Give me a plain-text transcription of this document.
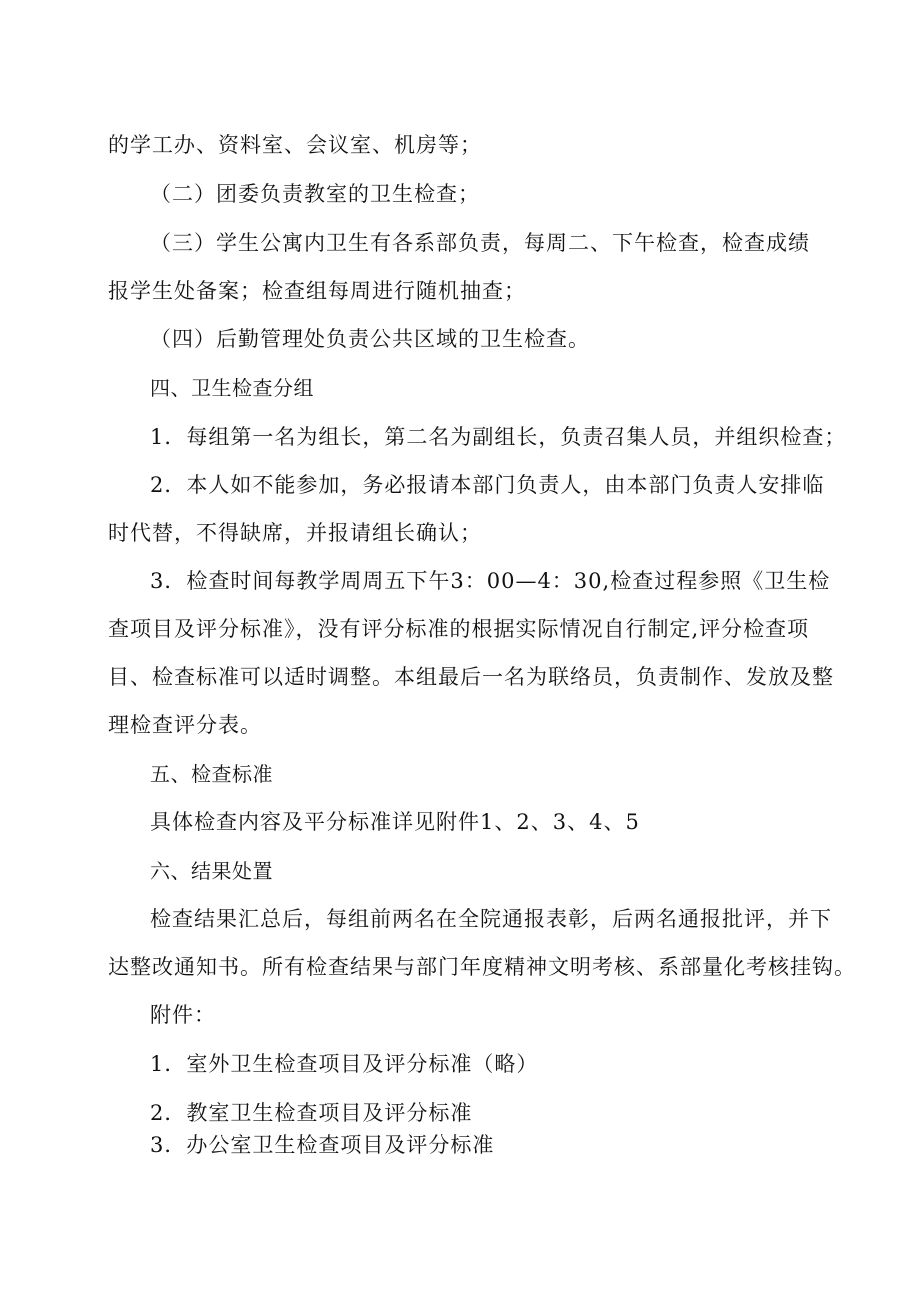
的学工办、资料室、会议室、机房等；
（二）团委负责教室的卫生检查；
（三）学生公寓内卫生有各系部负责，每周二、下午检查，检查成绩
报学生处备案；检查组每周进行随机抽查；
（四）后勤管理处负责公共区域的卫生检查。
四、卫生检查分组
1．每组第一名为组长，第二名为副组长，负责召集人员，并组织检查；
2．本人如不能参加，务必报请本部门负责人，由本部门负责人安排临
时代替，不得缺席，并报请组长确认；
3．检查时间每教学周周五下午3：00—4：30,检查过程参照《卫生检
查项目及评分标准》，没有评分标准的根据实际情况自行制定,评分检查项
目、检查标准可以适时调整。本组最后一名为联络员，负责制作、发放及整
理检查评分表。
五、检查标准
具体检查内容及平分标准详见附件1、2、3、4、5
六、结果处置
检查结果汇总后，每组前两名在全院通报表彰，后两名通报批评，并下
达整改通知书。所有检查结果与部门年度精神文明考核、系部量化考核挂钩。
附件：
1．室外卫生检查项目及评分标准（略）
2．教室卫生检查项目及评分标准
3．办公室卫生检查项目及评分标准
